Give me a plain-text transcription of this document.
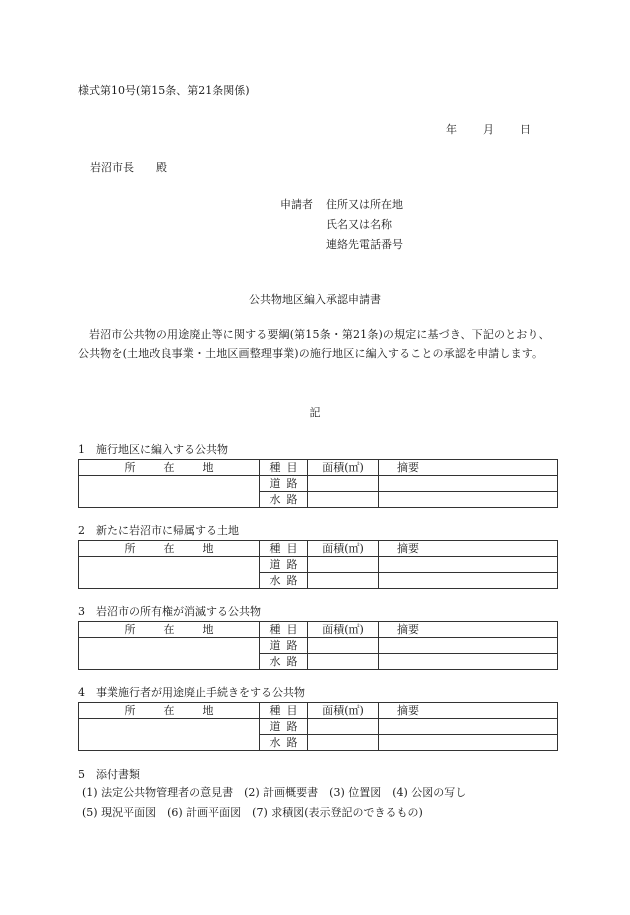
様式第10号(第15条、第21条関係)
年 月 日
岩沼市長　　殿
申請者	住所又は所在地
氏名又は名称
連絡先電話番号
公共物地区編入承認申請書

岩沼市公共物の用途廃止等に関する要綱(第15条・第21条)の規定に基づき、下記のとおり、公共物を(土地改良事業・土地区画整理事業)の施行地区に編入することの承認を申請します。

記
1　施行地区に編入する公共物
所 在 地	種 目	面積(㎡)	摘要
	道 路		
	水 路		
2　新たに岩沼市に帰属する土地
所 在 地	種 目	面積(㎡)	摘要
	道 路		
	水 路		
3　岩沼市の所有権が消滅する公共物
所 在 地	種 目	面積(㎡)	摘要
	道 路		
	水 路		
4　事業施行者が用途廃止手続きをする公共物
所 在 地	種 目	面積(㎡)	摘要
	道 路		
	水 路		
5　添付書類
(1) 法定公共物管理者の意見書　(2) 計画概要書　(3) 位置図　(4) 公図の写し
(5) 現況平面図　(6) 計画平面図　(7) 求積図(表示登記のできるもの)
